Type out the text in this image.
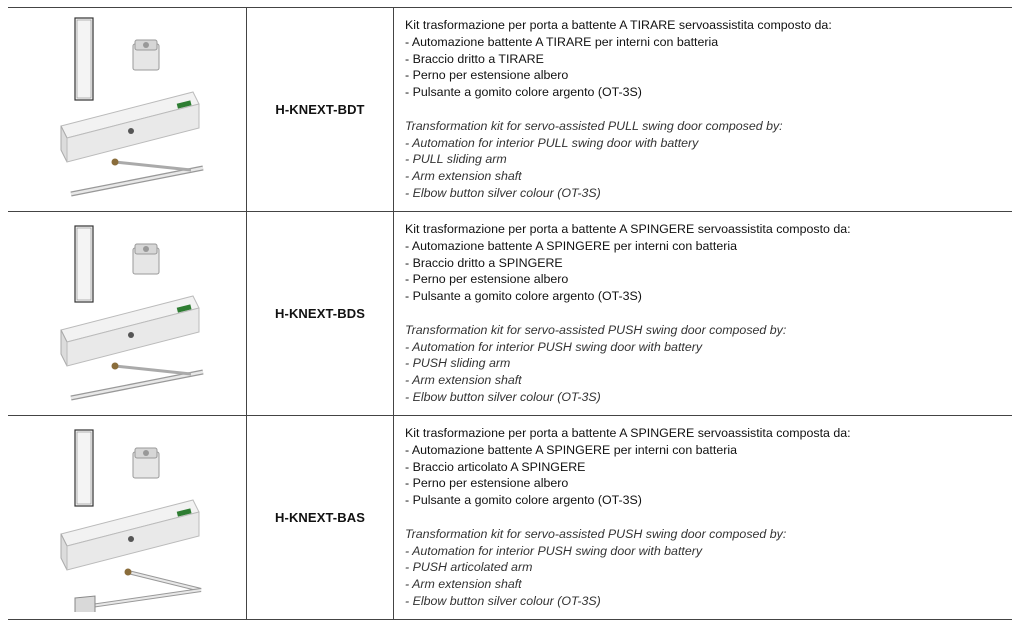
H-KNEXT-BDT

Kit trasformazione per porta a battente A TIRARE servoassistita composto da:

- Automazione battente A TIRARE per interni con batteria

- Braccio dritto a TIRARE

- Perno per estensione albero

- Pulsante a gomito colore argento (OT-3S)

Transformation kit for servo-assisted PULL swing door composed by:

- Automation for interior PULL swing door with battery

- PULL sliding arm

- Arm extension shaft

- Elbow button silver colour (OT-3S)

H-KNEXT-BDS

Kit trasformazione per porta a battente A SPINGERE servoassistita composto da:

- Automazione battente A SPINGERE per interni con batteria

- Braccio dritto a SPINGERE

- Perno per estensione albero

- Pulsante a gomito colore argento (OT-3S)

Transformation kit for servo-assisted PUSH swing door composed by:

- Automation for interior PUSH swing door with battery

- PUSH sliding arm

- Arm extension shaft

- Elbow button silver colour (OT-3S)

H-KNEXT-BAS

Kit trasformazione per porta a battente A SPINGERE servoassistita composta da:

- Automazione battente A SPINGERE per interni con batteria

- Braccio articolato A SPINGERE

- Perno per estensione albero

- Pulsante a gomito colore argento (OT-3S)

Transformation kit for servo-assisted PUSH swing door composed by:

- Automation for interior PUSH swing door with battery

- PUSH articolated arm

- Arm extension shaft

- Elbow button silver colour (OT-3S)
